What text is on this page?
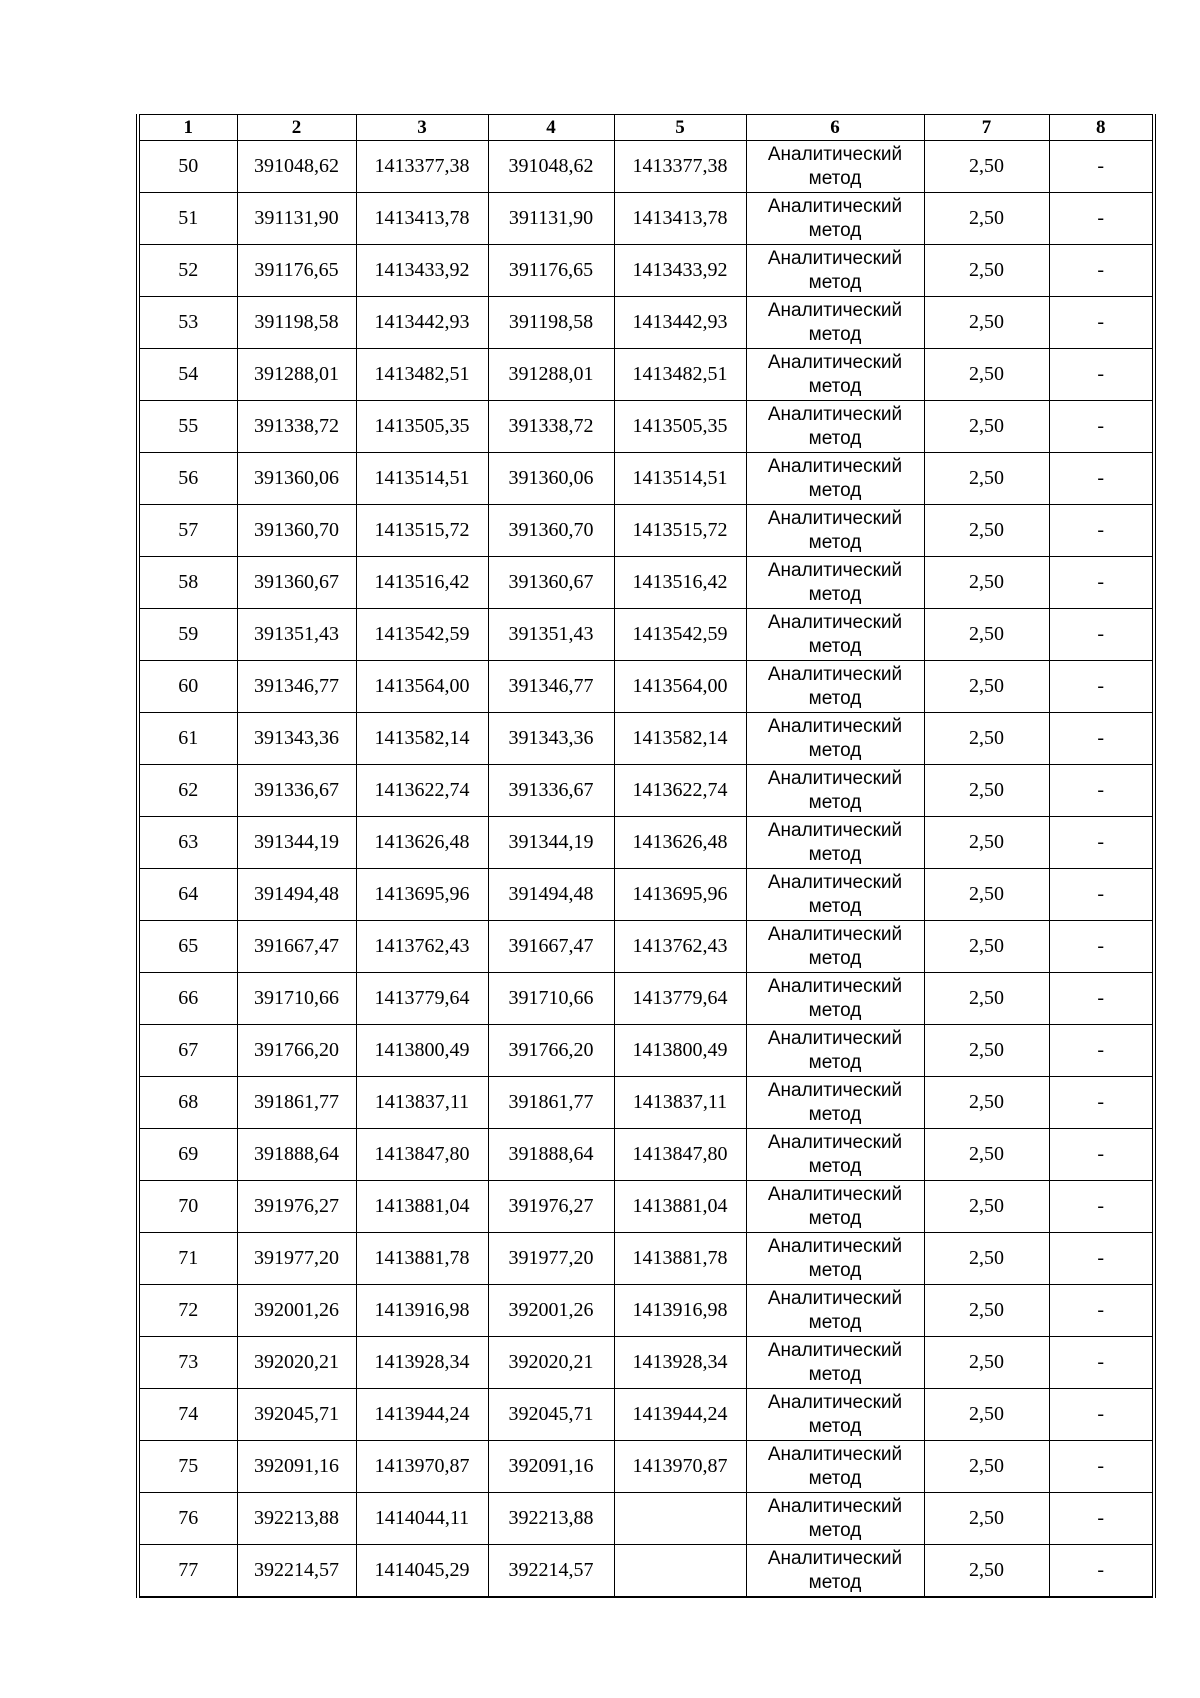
1	2	3	4	5	6	7	8
50	391048,62	1413377,38	391048,62	1413377,38	Аналитический
метод	2,50	-
51	391131,90	1413413,78	391131,90	1413413,78	Аналитический
метод	2,50	-
52	391176,65	1413433,92	391176,65	1413433,92	Аналитический
метод	2,50	-
53	391198,58	1413442,93	391198,58	1413442,93	Аналитический
метод	2,50	-
54	391288,01	1413482,51	391288,01	1413482,51	Аналитический
метод	2,50	-
55	391338,72	1413505,35	391338,72	1413505,35	Аналитический
метод	2,50	-
56	391360,06	1413514,51	391360,06	1413514,51	Аналитический
метод	2,50	-
57	391360,70	1413515,72	391360,70	1413515,72	Аналитический
метод	2,50	-
58	391360,67	1413516,42	391360,67	1413516,42	Аналитический
метод	2,50	-
59	391351,43	1413542,59	391351,43	1413542,59	Аналитический
метод	2,50	-
60	391346,77	1413564,00	391346,77	1413564,00	Аналитический
метод	2,50	-
61	391343,36	1413582,14	391343,36	1413582,14	Аналитический
метод	2,50	-
62	391336,67	1413622,74	391336,67	1413622,74	Аналитический
метод	2,50	-
63	391344,19	1413626,48	391344,19	1413626,48	Аналитический
метод	2,50	-
64	391494,48	1413695,96	391494,48	1413695,96	Аналитический
метод	2,50	-
65	391667,47	1413762,43	391667,47	1413762,43	Аналитический
метод	2,50	-
66	391710,66	1413779,64	391710,66	1413779,64	Аналитический
метод	2,50	-
67	391766,20	1413800,49	391766,20	1413800,49	Аналитический
метод	2,50	-
68	391861,77	1413837,11	391861,77	1413837,11	Аналитический
метод	2,50	-
69	391888,64	1413847,80	391888,64	1413847,80	Аналитический
метод	2,50	-
70	391976,27	1413881,04	391976,27	1413881,04	Аналитический
метод	2,50	-
71	391977,20	1413881,78	391977,20	1413881,78	Аналитический
метод	2,50	-
72	392001,26	1413916,98	392001,26	1413916,98	Аналитический
метод	2,50	-
73	392020,21	1413928,34	392020,21	1413928,34	Аналитический
метод	2,50	-
74	392045,71	1413944,24	392045,71	1413944,24	Аналитический
метод	2,50	-
75	392091,16	1413970,87	392091,16	1413970,87	Аналитический
метод	2,50	-
76	392213,88	1414044,11	392213,88		Аналитический
метод	2,50	-
77	392214,57	1414045,29	392214,57		Аналитический
метод	2,50	-
